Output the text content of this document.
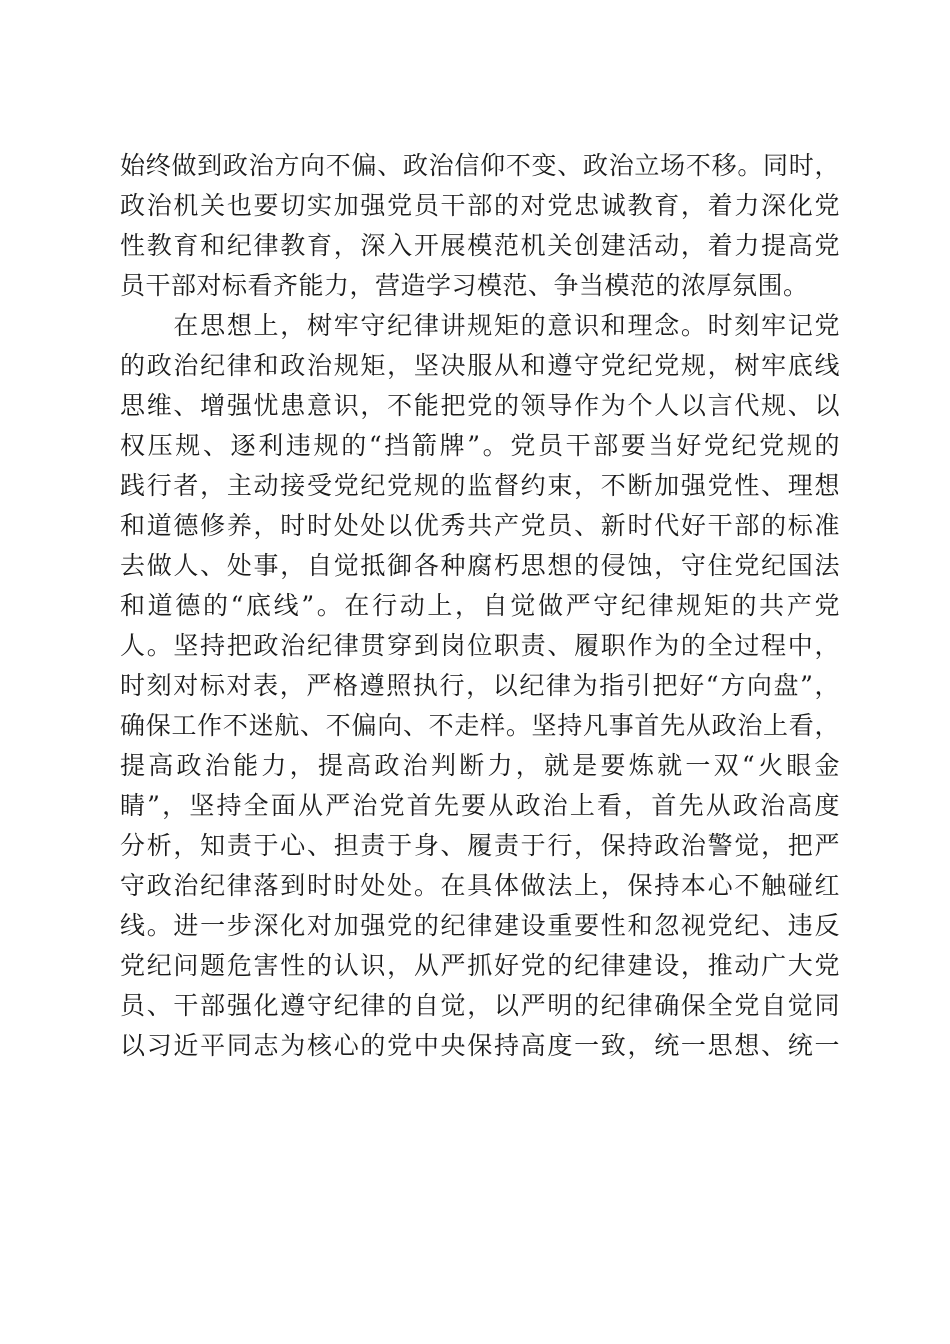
始终做到政治方向不偏、政治信仰不变、政治立场不移。同时，
政治机关也要切实加强党员干部的对党忠诚教育，着力深化党
性教育和纪律教育，深入开展模范机关创建活动，着力提高党
员干部对标看齐能力，营造学习模范、争当模范的浓厚氛围。
　　在思想上，树牢守纪律讲规矩的意识和理念。时刻牢记党
的政治纪律和政治规矩，坚决服从和遵守党纪党规，树牢底线
思维、增强忧患意识，不能把党的领导作为个人以言代规、以
权压规、逐利违规的“挡箭牌”。党员干部要当好党纪党规的
践行者，主动接受党纪党规的监督约束，不断加强党性、理想
和道德修养，时时处处以优秀共产党员、新时代好干部的标准
去做人、处事，自觉抵御各种腐朽思想的侵蚀，守住党纪国法
和道德的“底线”。在行动上，自觉做严守纪律规矩的共产党
人。坚持把政治纪律贯穿到岗位职责、履职作为的全过程中，
时刻对标对表，严格遵照执行，以纪律为指引把好“方向盘”，
确保工作不迷航、不偏向、不走样。坚持凡事首先从政治上看，
提高政治能力，提高政治判断力，就是要炼就一双“火眼金
睛”，坚持全面从严治党首先要从政治上看，首先从政治高度
分析，知责于心、担责于身、履责于行，保持政治警觉，把严
守政治纪律落到时时处处。在具体做法上，保持本心不触碰红
线。进一步深化对加强党的纪律建设重要性和忽视党纪、违反
党纪问题危害性的认识，从严抓好党的纪律建设，推动广大党
员、干部强化遵守纪律的自觉，以严明的纪律确保全党自觉同
以习近平同志为核心的党中央保持高度一致，统一思想、统一
